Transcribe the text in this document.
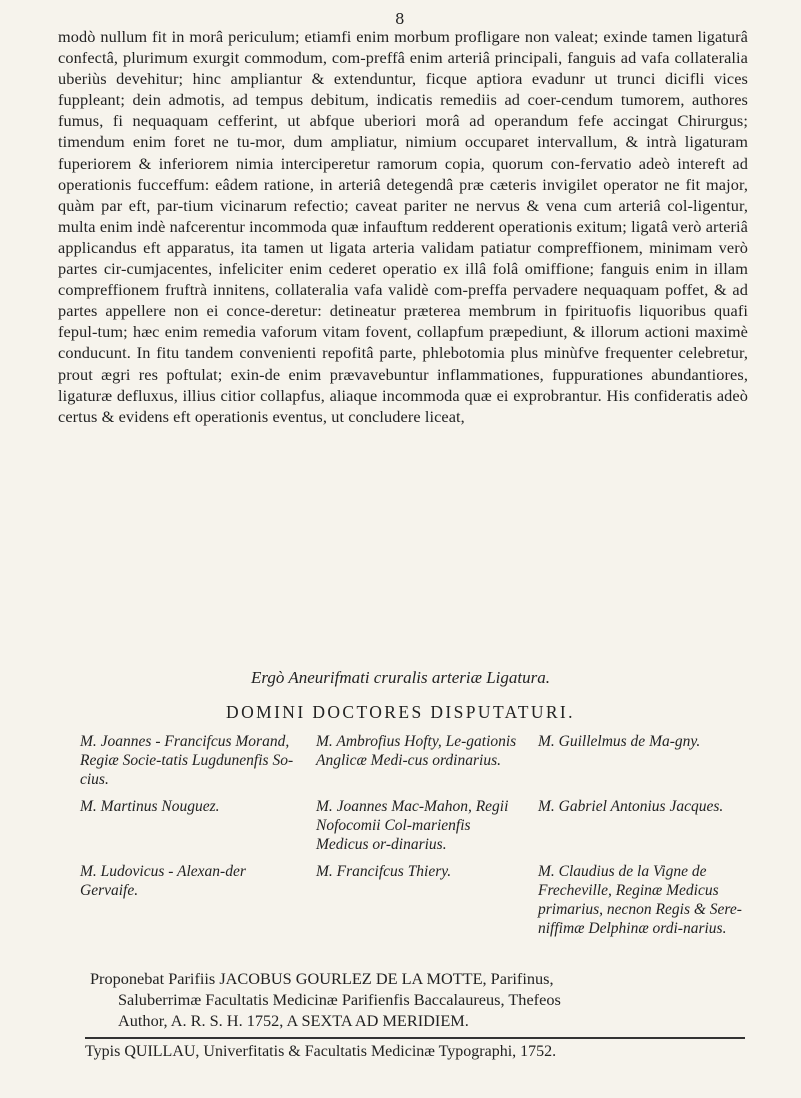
8

modò nullum fit in morâ periculum; etiamfi enim morbum profligare non valeat; exinde tamen ligaturâ confectâ, plurimum exurgit commodum, com-preffâ enim arteriâ principali, fanguis ad vafa collateralia uberiùs devehitur; hinc ampliantur & extenduntur, ficque aptiora evadunr ut trunci dicifli vices fuppleant; dein admotis, ad tempus debitum, indicatis remediis ad coer-cendum tumorem, authores fumus, fi nequaquam cefferint, ut abfque uberiori morâ ad operandum fefe accingat Chirurgus; timendum enim foret ne tu-mor, dum ampliatur, nimium occuparet intervallum, & intrà ligaturam fuperiorem & inferiorem nimia interciperetur ramorum copia, quorum con-fervatio adeò intereft ad operationis fucceffum: eâdem ratione, in arteriâ detegendâ præ cæteris invigilet operator ne fit major, quàm par eft, par-tium vicinarum refectio; caveat pariter ne nervus & vena cum arteriâ col-ligentur, multa enim indè nafcerentur incommoda quæ infauftum redderent operationis exitum; ligatâ verò arteriâ applicandus eft apparatus, ita tamen ut ligata arteria validam patiatur compreffionem, minimam verò partes cir-cumjacentes, infeliciter enim cederet operatio ex illâ folâ omiffione; fanguis enim in illam compreffionem fruftrà innitens, collateralia vafa validè com-preffa pervadere nequaquam poffet, & ad partes appellere non ei conce-deretur: detineatur præterea membrum in fpirituofis liquoribus quafi fepul-tum; hæc enim remedia vaforum vitam fovent, collapfum præpediunt, & illorum actioni maximè conducunt. In fitu tandem convenienti repofitâ parte, phlebotomia plus minùfve frequenter celebretur, prout ægri res poftulat; exin-de enim prævavebuntur inflammationes, fuppurationes abundantiores, ligaturæ defluxus, illius citior collapfus, aliaque incommoda quæ ei exprobrantur. His confideratis adeò certus & evidens eft operationis eventus, ut concludere liceat,

Ergò Aneurifmati cruralis arteriæ Ligatura.
DOMINI DOCTORES DISPUTATURI.
M. Joannes - Francifcus Morand, Regiæ Socie-tatis Lugdunenfis So-cius.
M. Ambrofius Hofty, Le-gationis Anglicæ Medi-cus ordinarius.
M. Guillelmus de Ma-gny.
M. Martinus Nouguez.	M. Joannes Mac-Mahon, Regii Nofocomii Col-marienfis Medicus or-dinarius.
M. Gabriel Antonius Jacques.
M. Ludovicus - Alexan-der Gervaife.
M. Francifcus Thiery.	M. Claudius de la Vigne de Frecheville, Reginæ Medicus primarius, necnon Regis & Sere-niffimæ Delphinæ ordi-narius.

Proponebat Parifiis JACOBUS GOURLEZ DE LA MOTTE, Parifinus,
Saluberrimæ Facultatis Medicinæ Parifienfis Baccalaureus, Thefeos
Author, A. R. S. H. 1752, A SEXTA AD MERIDIEM.

Typis QUILLAU, Univerfitatis & Facultatis Medicinæ Typographi, 1752.
